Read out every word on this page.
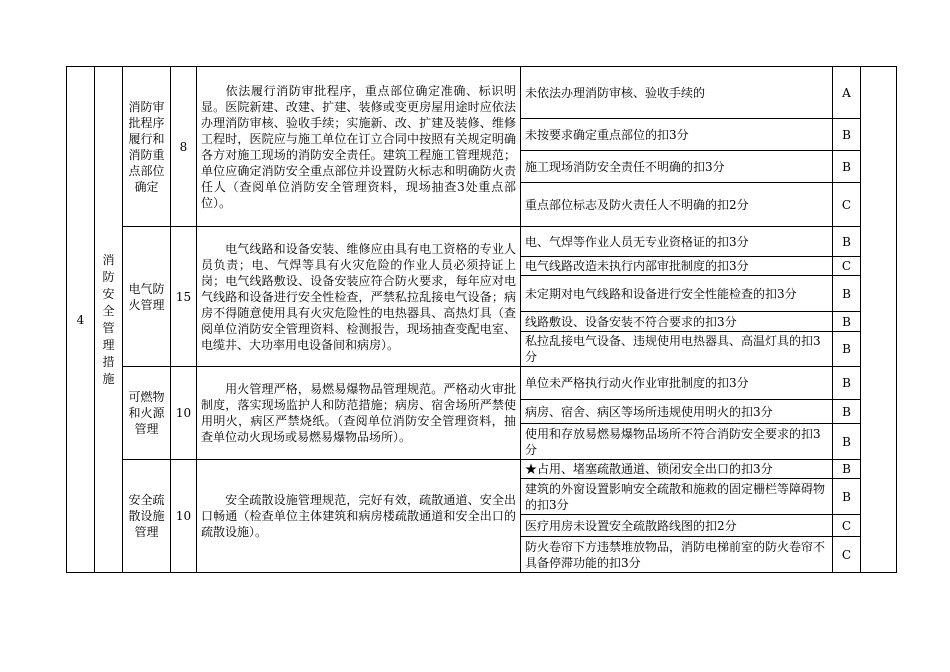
4	消防安全管理措施	消防审批程序履行和消防重点部位确定	8	依法履行消防审批程序，重点部位确定准确、标识明显。医院新建、改建、扩建、装修或变更房屋用途时应依法办理消防审核、验收手续；实施新、改、扩建及装修、维修工程时，医院应与施工单位在订立合同中按照有关规定明确各方对施工现场的消防安全责任。建筑工程施工管理规范；单位应确定消防安全重点部位并设置防火标志和明确防火责任人（查阅单位消防安全管理资料，现场抽查3处重点部位）。	未依法办理消防审核、验收手续的	A	
					未按要求确定重点部位的扣3分	B	
					施工现场消防安全责任不明确的扣3分	B	
					重点部位标志及防火责任人不明确的扣2分	C	
		电气防火管理	15	电气线路和设备安装、维修应由具有电工资格的专业人员负责；电、气焊等具有火灾危险的作业人员必须持证上岗；电气线路敷设、设备安装应符合防火要求，每年应对电气线路和设备进行安全性检查，严禁私拉乱接电气设备；病房不得随意使用具有火灾危险性的电热器具、高热灯具（查阅单位消防安全管理资料、检测报告，现场抽查变配电室、电缆井、大功率用电设备间和病房）。	电、气焊等作业人员无专业资格证的扣3分	B	
					电气线路改造未执行内部审批制度的扣3分	C	
					未定期对电气线路和设备进行安全性能检查的扣3分	B	
					线路敷设、设备安装不符合要求的扣3分	B	
					私拉乱接电气设备、违规使用电热器具、高温灯具的扣3分	B	
		可燃物和火源管理	10	用火管理严格，易燃易爆物品管理规范。严格动火审批制度，落实现场监护人和防范措施；病房、宿舍场所严禁使用明火，病区严禁烧纸。（查阅单位消防安全管理资料，抽查单位动火现场或易燃易爆物品场所）。	单位未严格执行动火作业审批制度的扣3分	B	
					病房、宿舍、病区等场所违规使用明火的扣3分	B	
					使用和存放易燃易爆物品场所不符合消防安全要求的扣3分	B	
		安全疏散设施管理	10	安全疏散设施管理规范，完好有效，疏散通道、安全出口畅通（检查单位主体建筑和病房楼疏散通道和安全出口的疏散设施）。	★占用、堵塞疏散通道、锁闭安全出口的扣3分	B	
					建筑的外窗设置影响安全疏散和施救的固定栅栏等障碍物的扣3分	B	
					医疗用房未设置安全疏散路线图的扣2分	C	
					防火卷帘下方违禁堆放物品，消防电梯前室的防火卷帘不具备停滞功能的扣3分	C	
